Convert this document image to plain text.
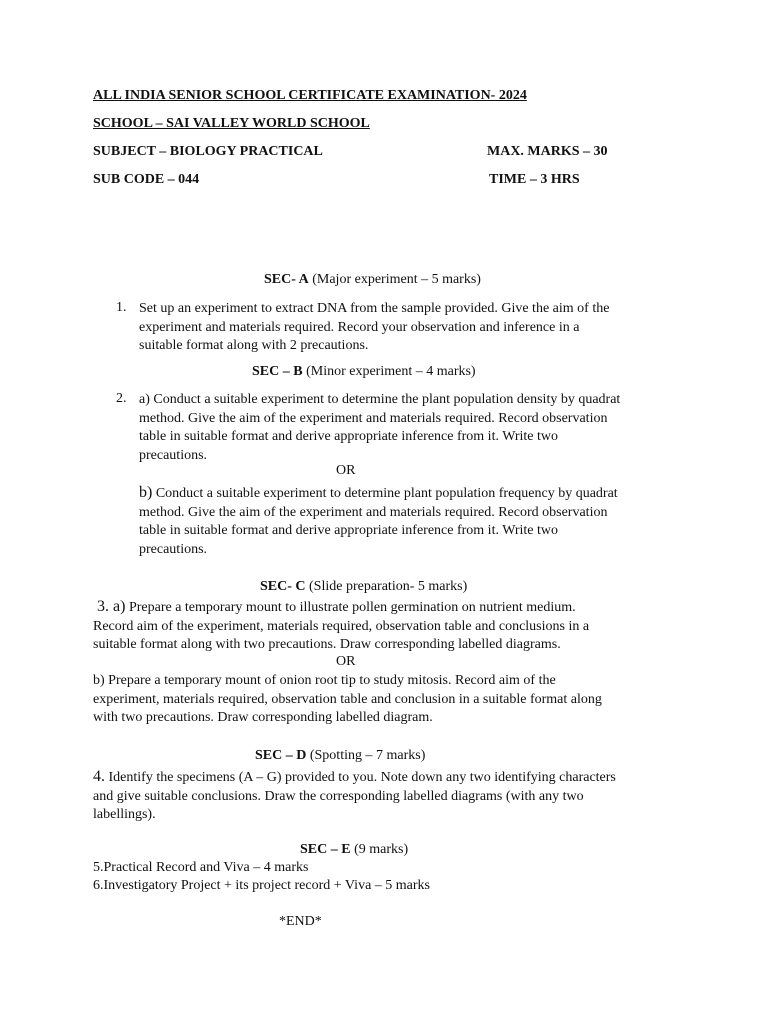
ALL INDIA SENIOR SCHOOL CERTIFICATE EXAMINATION- 2024
SCHOOL – SAI VALLEY WORLD SCHOOL
SUBJECT – BIOLOGY PRACTICAL	MAX. MARKS – 30
SUB CODE – 044	TIME – 3 HRS
SEC- A (Major experiment – 5 marks)
1. Set up an experiment to extract DNA from the sample provided. Give the aim of the
experiment and materials required. Record your observation and inference in a
suitable format along with 2 precautions.
SEC – B (Minor experiment – 4 marks)
2. a) Conduct a suitable experiment to determine the plant population density by quadrat
method. Give the aim of the experiment and materials required. Record observation
table in suitable format and derive appropriate inference from it. Write two
precautions.
OR
b) Conduct a suitable experiment to determine plant population frequency by quadrat
method. Give the aim of the experiment and materials required. Record observation
table in suitable format and derive appropriate inference from it. Write two
precautions.
SEC- C (Slide preparation- 5 marks)
3. a) Prepare a temporary mount to illustrate pollen germination on nutrient medium.
Record aim of the experiment, materials required, observation table and conclusions in a
suitable format along with two precautions. Draw corresponding labelled diagrams.
OR
b) Prepare a temporary mount of onion root tip to study mitosis. Record aim of the
experiment, materials required, observation table and conclusion in a suitable format along
with two precautions. Draw corresponding labelled diagram.
SEC – D (Spotting – 7 marks)
4. Identify the specimens (A – G) provided to you. Note down any two identifying characters
and give suitable conclusions. Draw the corresponding labelled diagrams (with any two
labellings).
SEC – E (9 marks)
5.Practical Record and Viva – 4 marks
6.Investigatory Project + its project record + Viva – 5 marks
*END*
